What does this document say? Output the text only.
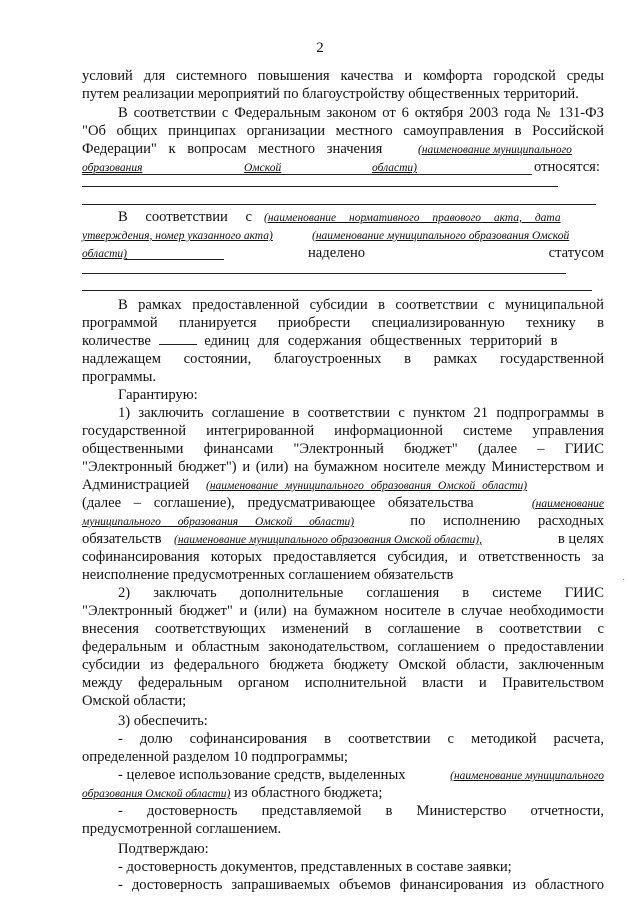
2
условий для системного повышения качества и комфорта городской среды
путем реализации мероприятий по благоустройству общественных территорий.
В соответствии с Федеральным законом от 6 октября 2003 года № 131-ФЗ
"Об общих принципах организации местного самоуправления в Российской
Федерации" к вопросам местного значения	(наименование муниципального
образования	Омской	области)	относятся:
В соответствии с (наименование нормативного правового акта, дата
утверждения, номер указанного акта)	(наименование муниципального образования Омской
области)	наделено	статусом
В рамках предоставленной субсидии в соответствии с муниципальной
программой планируется приобрести специализированную технику в
количестве	единиц для содержания общественных территорий в
надлежащем состоянии, благоустроенных в рамках государственной
программы.
Гарантирую:
1) заключить соглашение в соответствии с пунктом 21 подпрограммы в
государственной интегрированной информационной системе управления
общественными финансами "Электронный бюджет" (далее – ГИИС
"Электронный бюджет") и (или) на бумажном носителе между Министерством и
Администрацией (наименование муниципального образования Омской области)
(далее – соглашение), предусматривающее обязательства	(наименование
муниципального образования Омской области)	по исполнению расходных
обязательств (наименование муниципального образования Омской области),	в целях
софинансирования которых предоставляется субсидия, и ответственность за
неисполнение предусмотренных соглашением обязательств
2) заключать дополнительные соглашения в системе ГИИС
"Электронный бюджет" и (или) на бумажном носителе в случае необходимости
внесения соответствующих изменений в соглашение в соответствии с
федеральным и областным законодательством, соглашением о предоставлении
субсидии из федерального бюджета бюджету Омской области, заключенным
между федеральным органом исполнительной власти и Правительством
Омской области;
3) обеспечить:
- долю софинансирования в соответствии с методикой расчета,
определенной разделом 10 подпрограммы;
- целевое использование средств, выделенных	(наименование муниципального
образования Омской области) из областного бюджета;
- достоверность представляемой в Министерство отчетности,
предусмотренной соглашением.
Подтверждаю:
- достоверность документов, представленных в составе заявки;
- достоверность запрашиваемых объемов финансирования из областного
·
